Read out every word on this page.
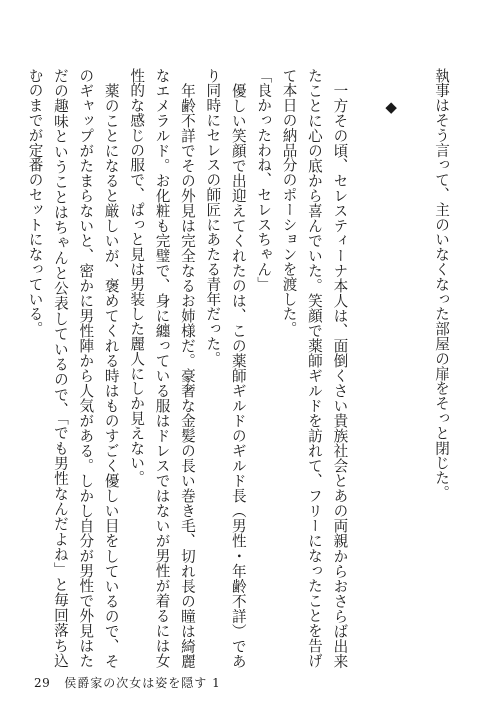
執事はそう言って、主のいなくなった部屋の扉をそっと閉じた。

◆

一方その頃、セレスティーナ本人は、面倒くさい貴族社会とあの両親からおさらば出来たことに心の底から喜んでいた。笑顔で薬師ギルドを訪れて、フリーになったことを告げて本日の納品分のポーションを渡した。

「良かったわね、セレスちゃん」

優しい笑顔で出迎えてくれたのは、この薬師ギルドのギルド長（男性・年齢不詳）であり同時にセレスの師匠にあたる青年だった。

年齢不詳でその外見は完全なるお姉様だ。豪奢な金髪の長い巻き毛、切れ長の瞳は綺麗なエメラルド。お化粧も完璧で、身に纏っている服はドレスではないが男性が着るには女性的な感じの服で、ぱっと見は男装した麗人にしか見えない。

薬のことになると厳しいが、褒めてくれる時はものすごく優しい目をしているので、そのギャップがたまらないと、密かに男性陣から人気がある。しかし自分が男性で外見はただの趣味ということはちゃんと公表しているので、「でも男性なんだよね」と毎回落ち込むのまでが定番のセットになっている。

29 侯爵家の次女は姿を隠す 1
